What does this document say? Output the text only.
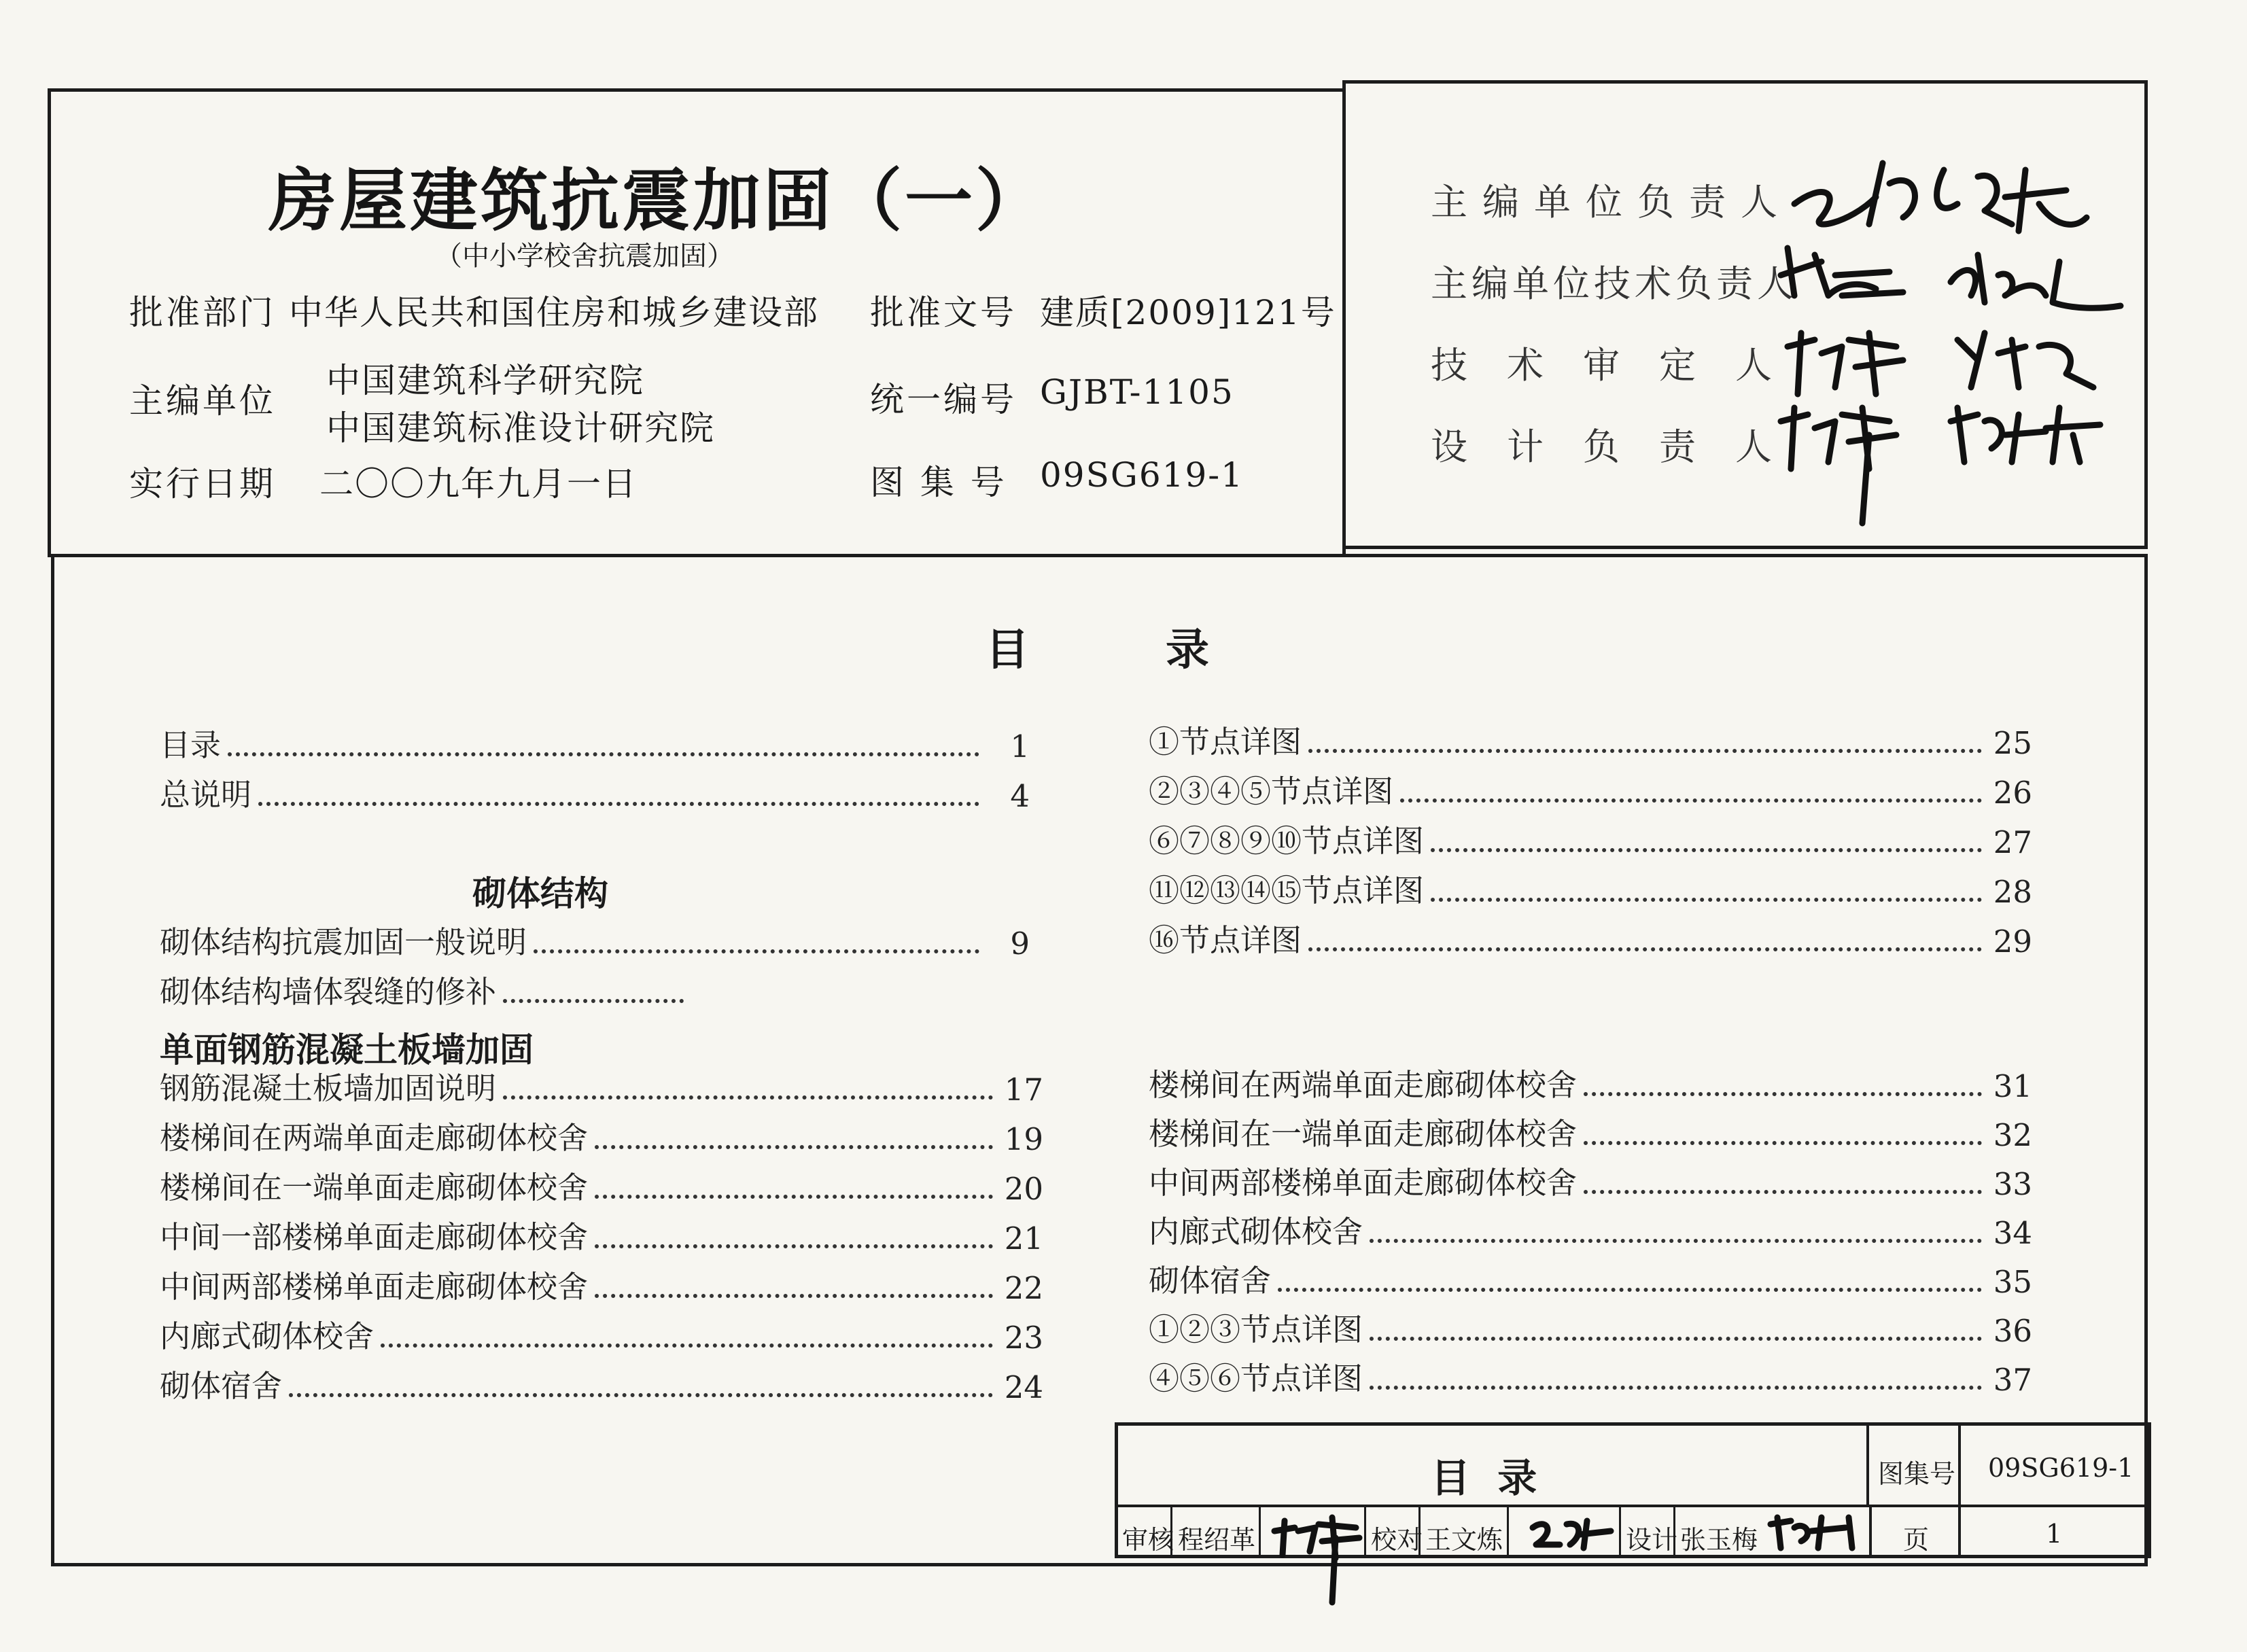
房屋建筑抗震加固（一）
（中小学校舍抗震加固）
批准部门 中华人民共和国住房和城乡建设部 批准文号 建质[2009]121号
主编单位
中国建筑科学研究院
中国建筑标准设计研究院
统一编号 GJBT-1105
实行日期 二〇〇九年九月一日	图 集 号 09SG619-1
主编单位负责人
主编单位技术负责人
技术审定人
设计负责人
目	录
目录	1
总说明	4
砌体结构
砌体结构抗震加固一般说明	9
砌体结构墙体裂缝的修补
单面钢筋混凝土板墙加固
钢筋混凝土板墙加固说明	17
楼梯间在两端单面走廊砌体校舍	19
楼梯间在一端单面走廊砌体校舍	20
中间一部楼梯单面走廊砌体校舍	21
中间两部楼梯单面走廊砌体校舍	22
内廊式砌体校舍	23
砌体宿舍	24
①节点详图	25
②③④⑤节点详图	26
⑥⑦⑧⑨⑩节点详图	27
⑪⑫⑬⑭⑮节点详图	28
⑯节点详图	29
楼梯间在两端单面走廊砌体校舍	31
楼梯间在一端单面走廊砌体校舍	32
中间两部楼梯单面走廊砌体校舍	33
内廊式砌体校舍	34
砌体宿舍	35
①②③节点详图	36
④⑤⑥节点详图	37
目 录	图集号 09SG619-1
审核 程绍革	校对 王文炼	设计 张玉梅	页	1
